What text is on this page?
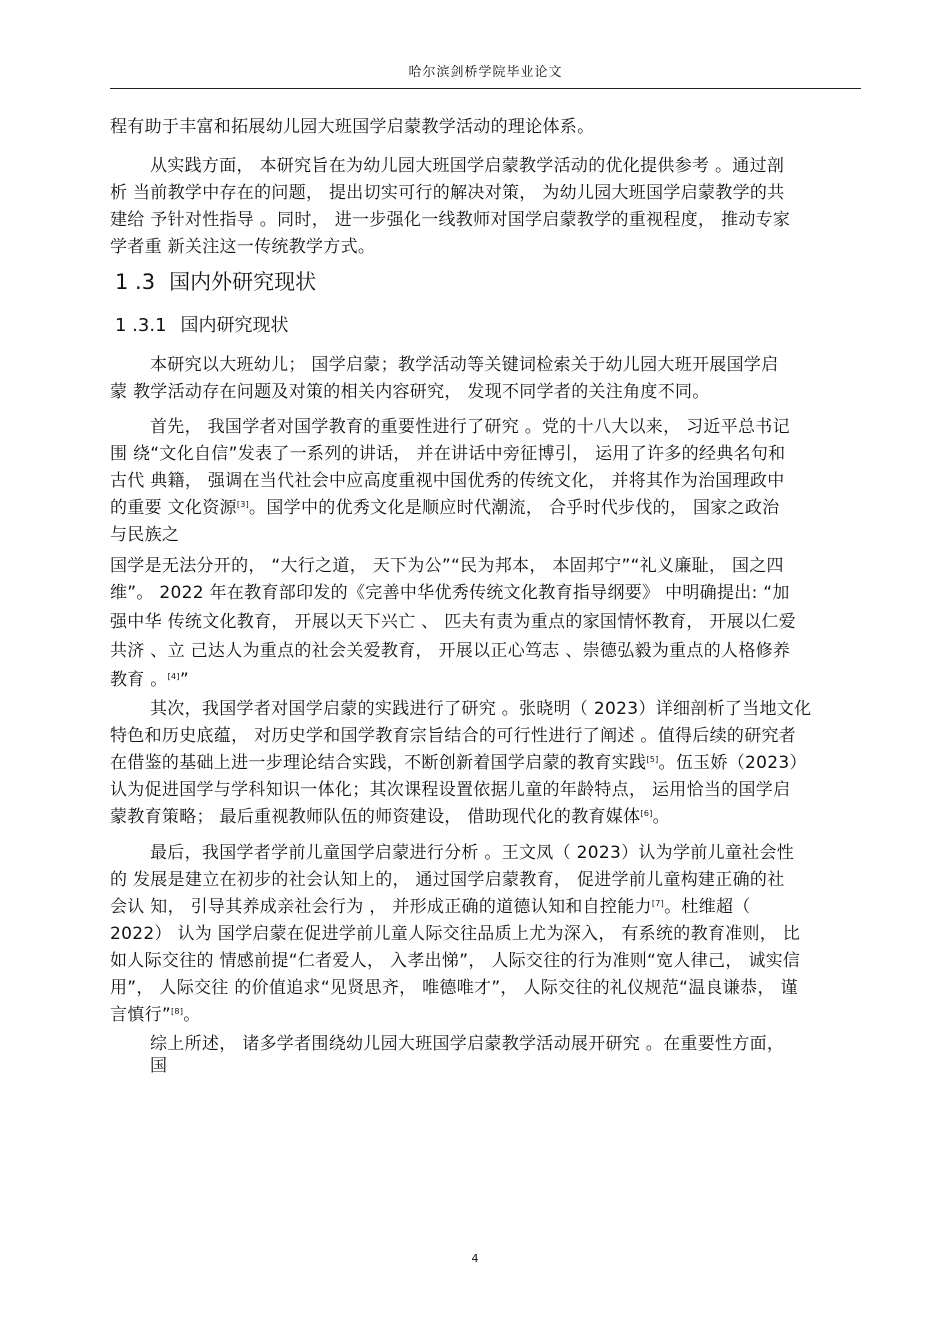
哈尔滨剑桥学院毕业论文
程有助于丰富和拓展幼儿园大班国学启蒙教学活动的理论体系。
从实践方面， 本研究旨在为幼儿园大班国学启蒙教学活动的优化提供参考 。通过剖
析 当前教学中存在的问题， 提出切实可行的解决对策， 为幼儿园大班国学启蒙教学的共
建给 予针对性指导 。同时， 进一步强化一线教师对国学启蒙教学的重视程度， 推动专家
学者重 新关注这一传统教学方式。
1 .3 国内外研究现状
1 .3.1 国内研究现状
本研究以大班幼儿； 国学启蒙；教学活动等关键词检索关于幼儿园大班开展国学启
蒙 教学活动存在问题及对策的相关内容研究， 发现不同学者的关注角度不同。
首先， 我国学者对国学教育的重要性进行了研究 。党的十八大以来， 习近平总书记
围 绕“文化自信”发表了一系列的讲话， 并在讲话中旁征博引， 运用了许多的经典名句和
古代 典籍， 强调在当代社会中应高度重视中国优秀的传统文化， 并将其作为治国理政中
的重要 文化资源[3]。国学中的优秀文化是顺应时代潮流， 合乎时代步伐的， 国家之政治
与民族之
国学是无法分开的， “大行之道， 天下为公”“民为邦本， 本固邦宁”“礼义廉耻， 国之四
维”。 2022 年在教育部印发的《完善中华优秀传统文化教育指导纲要》 中明确提出: “加
强中华 传统文化教育， 开展以天下兴亡 、 匹夫有责为重点的家国情怀教育， 开展以仁爱
共济 、立 己达人为重点的社会关爱教育， 开展以正心笃志 、崇德弘毅为重点的人格修养
教育 。[4]”
其次，我国学者对国学启蒙的实践进行了研究 。张晓明（ 2023）详细剖析了当地文化
特色和历史底蕴， 对历史学和国学教育宗旨结合的可行性进行了阐述 。值得后续的研究者
在借鉴的基础上进一步理论结合实践，不断创新着国学启蒙的教育实践[5]。伍玉娇（2023）
认为促进国学与学科知识一体化；其次课程设置依据儿童的年龄特点， 运用恰当的国学启
蒙教育策略； 最后重视教师队伍的师资建设， 借助现代化的教育媒体[6]。
最后，我国学者学前儿童国学启蒙进行分析 。王文凤（ 2023）认为学前儿童社会性
的 发展是建立在初步的社会认知上的， 通过国学启蒙教育， 促进学前儿童构建正确的社
会认 知， 引导其养成亲社会行为 ， 并形成正确的道德认知和自控能力[7]。杜维超（
2022） 认为 国学启蒙在促进学前儿童人际交往品质上尤为深入， 有系统的教育准则， 比
如人际交往的 情感前提“仁者爱人， 入孝出悌”， 人际交往的行为准则“宽人律己， 诚实信
用”， 人际交往 的价值追求“见贤思齐， 唯德唯才”， 人际交往的礼仪规范“温良谦恭， 谨
言慎行”[8]。
综上所述， 诸多学者围绕幼儿园大班国学启蒙教学活动展开研究 。在重要性方面，
国
4
